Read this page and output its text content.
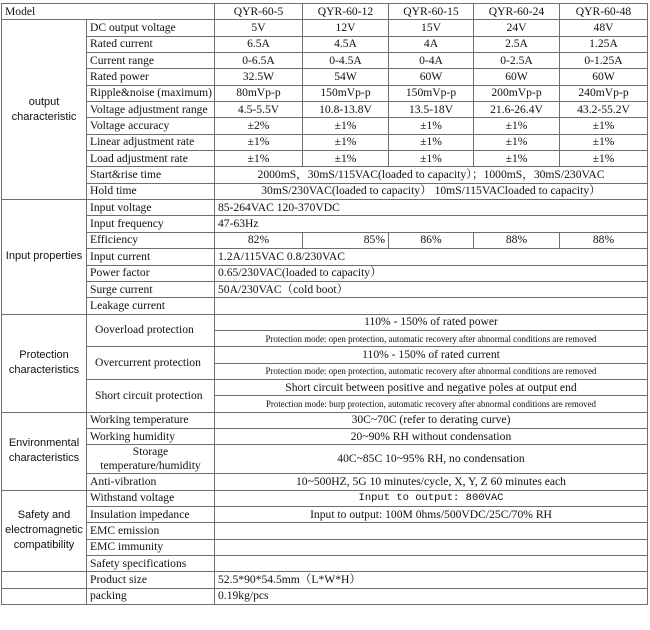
Model		QYR-60-5	QYR-60-12	QYR-60-15	QYR-60-24	QYR-60-48
output characteristic	DC output voltage	5V	12V	15V	24V	48V
	Rated current	6.5A	4.5A	4A	2.5A	1.25A
	Current range	0-6.5A	0-4.5A	0-4A	0-2.5A	0-1.25A
	Rated power	32.5W	54W	60W	60W	60W
	Ripple&noise (maximum)	80mVp-p	150mVp-p	150mVp-p	200mVp-p	240mVp-p
	Voltage adjustment range	4.5-5.5V	10.8-13.8V	13.5-18V	21.6-26.4V	43.2-55.2V
	Voltage accuracy	±2%	±1%	±1%	±1%	±1%
	Linear adjustment rate	±1%	±1%	±1%	±1%	±1%
	Load adjustment rate	±1%	±1%	±1%	±1%	±1%
	Start&rise time	2000mS，30mS/115VAC(loaded to capacity）；1000mS，30mS/230VAC				
	Hold time	30mS/230VAC(loaded to capacity） 10mS/115VACloaded to capacity）				
Input properties	Input voltage	85-264VAC 120-370VDC				
	Input frequency	47-63Hz				
	Efficiency	82%	85%	86%	88%	88%
	Input current	1.2A/115VAC 0.8/230VAC				
	Power factor	0.65/230VAC(loaded to capacity）				
	Surge current	50A/230VAC（cold boot）				
	Leakage current					
Protection characteristics	Ooverload protection	110% - 150% of rated power				
		Protection mode: open protection, automatic recovery after abnormal conditions are removed				
	Overcurrent protection	110% - 150% of rated current				
		Protection mode: open protection, automatic recovery after abnormal conditions are removed				
	Short circuit protection	Short circuit between positive and negative poles at output end				
		Protection mode: burp protection, automatic recovery after abnormal conditions are removed				
Environmental characteristics	Working temperature	30C~70C (refer to derating curve)				
	Working humidity	20~90% RH without condensation				
	Storage temperature/humidity	40C~85C 10~95% RH, no condensation				
	Anti-vibration	10~500HZ, 5G 10 minutes/cycle, X, Y, Z 60 minutes each				
Safety and electromagnetic compatibility	Withstand voltage	Input to output: 800VAC				
	Insulation impedance	Input to output: 100M 0hms/500VDC/25C/70% RH				
	EMC emission					
	EMC immunity					
	Safety specifications					
	Product size	52.5*90*54.5mm（L*W*H）				
	packing	0.19kg/pcs				
